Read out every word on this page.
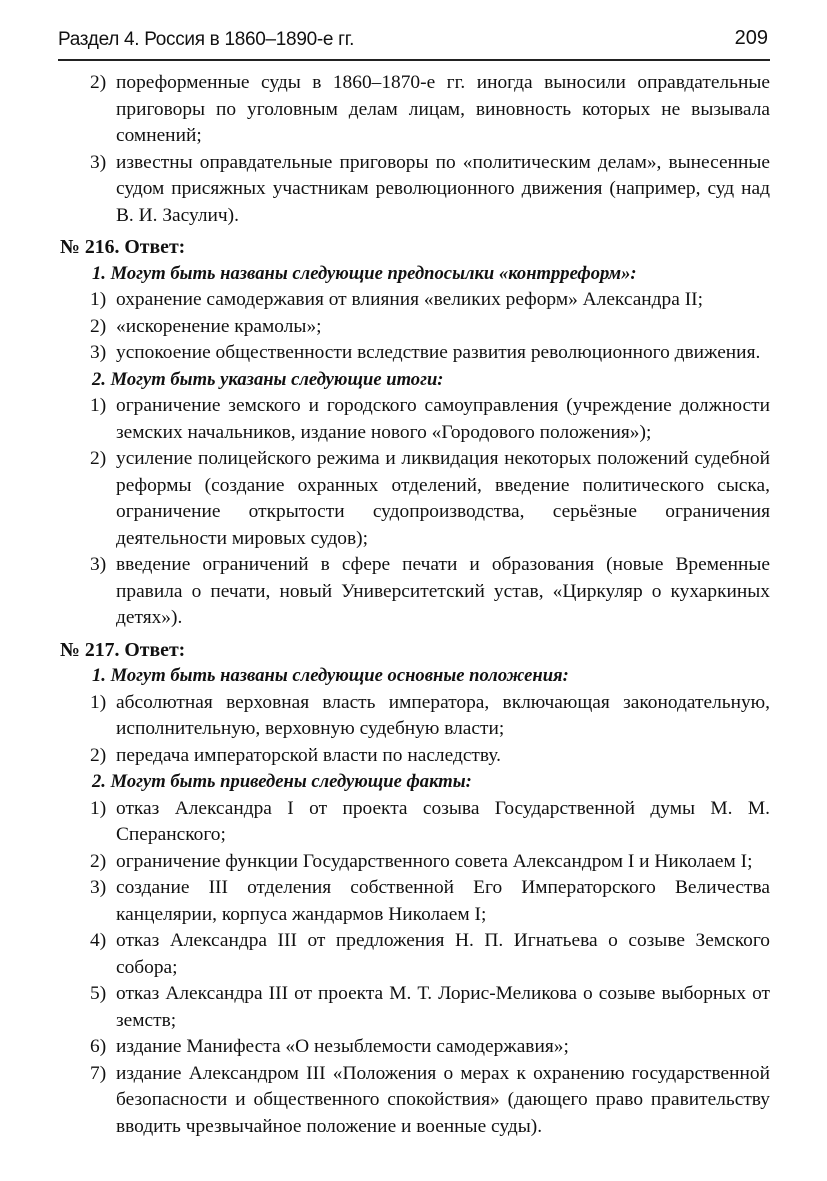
Раздел 4. Россия в 1860–1890-е гг.	209
2) пореформенные суды в 1860–1870-е гг. иногда выносили оправдательные приговоры по уголовным делам лицам, виновность которых не вызывала сомнений;
3) известны оправдательные приговоры по «политическим делам», вынесенные судом присяжных участникам революционного движения (например, суд над В. И. Засулич).
№ 216. Ответ:
1. Могут быть названы следующие предпосылки «контрреформ»:
1) охранение самодержавия от влияния «великих реформ» Александра II;
2) «искоренение крамолы»;
3) успокоение общественности вследствие развития революционного движения.
2. Могут быть указаны следующие итоги:
1) ограничение земского и городского самоуправления (учреждение должности земских начальников, издание нового «Городового положения»);
2) усиление полицейского режима и ликвидация некоторых положений судебной реформы (создание охранных отделений, введение политического сыска, ограничение открытости судопроизводства, серьёзные ограничения деятельности мировых судов);
3) введение ограничений в сфере печати и образования (новые Временные правила о печати, новый Университетский устав, «Циркуляр о кухаркиных детях»).
№ 217. Ответ:
1. Могут быть названы следующие основные положения:
1) абсолютная верховная власть императора, включающая законодательную, исполнительную, верховную судебную власти;
2) передача императорской власти по наследству.
2. Могут быть приведены следующие факты:
1) отказ Александра I от проекта созыва Государственной думы М. М. Сперанского;
2) ограничение функции Государственного совета Александром I и Николаем I;
3) создание III отделения собственной Его Императорского Величества канцелярии, корпуса жандармов Николаем I;
4) отказ Александра III от предложения Н. П. Игнатьева о созыве Земского собора;
5) отказ Александра III от проекта М. Т. Лорис-Меликова о созыве выборных от земств;
6) издание Манифеста «О незыблемости самодержавия»;
7) издание Александром III «Положения о мерах к охранению государственной безопасности и общественного спокойствия» (дающего право правительству вводить чрезвычайное положение и военные суды).
